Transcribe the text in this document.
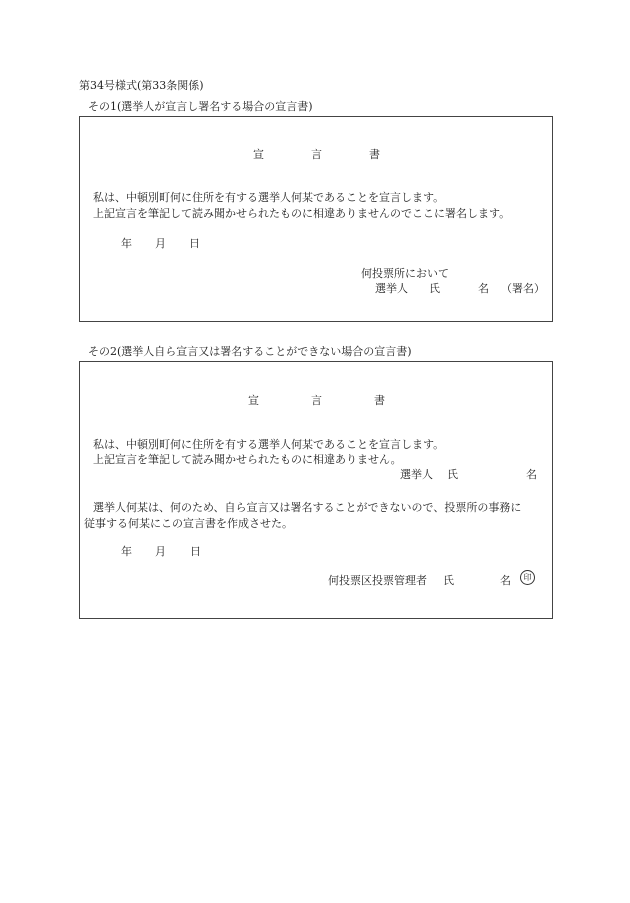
第34号様式(第33条関係)
その1(選挙人が宣言し署名する場合の宣言書)
宣	言	書
私は、中頓別町何に住所を有する選挙人何某であることを宣言します。
上記宣言を筆記して読み聞かせられたものに相違ありませんのでここに署名します。
年 月 日
何投票所において
選挙人 氏	名 （署名）
その2(選挙人自ら宣言又は署名することができない場合の宣言書)
宣	言	書
私は、中頓別町何に住所を有する選挙人何某であることを宣言します。
上記宣言を筆記して読み聞かせられたものに相違ありません。
選挙人 氏	名
選挙人何某は、何のため、自ら宣言又は署名することができないので、投票所の事務に
従事する何某にこの宣言書を作成させた。
年 月 日
何投票区投票管理者 氏	名	印
